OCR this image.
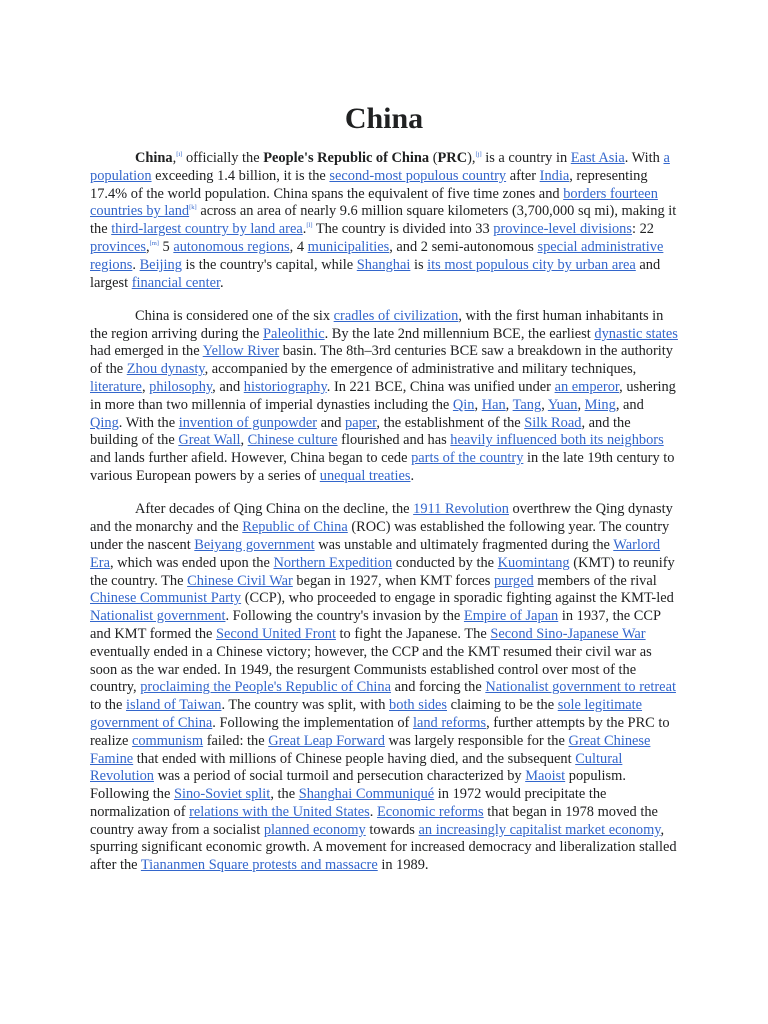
China

China,[i] officially the People's Republic of China (PRC),[j] is a country in East Asia. With a population exceeding 1.4 billion, it is the second-most populous country after India, representing 17.4% of the world population. China spans the equivalent of five time zones and borders fourteen countries by land[k] across an area of nearly 9.6 million square kilometers (3,700,000 sq mi), making it the third-largest country by land area.[l] The country is divided into 33 province-level divisions: 22 provinces,[m] 5 autonomous regions, 4 municipalities, and 2 semi-autonomous special administrative regions. Beijing is the country's capital, while Shanghai is its most populous city by urban area and largest financial center.

China is considered one of the six cradles of civilization, with the first human inhabitants in the region arriving during the Paleolithic. By the late 2nd millennium BCE, the earliest dynastic states had emerged in the Yellow River basin. The 8th–3rd centuries BCE saw a breakdown in the authority of the Zhou dynasty, accompanied by the emergence of administrative and military techniques, literature, philosophy, and historiography. In 221 BCE, China was unified under an emperor, ushering in more than two millennia of imperial dynasties including the Qin, Han, Tang, Yuan, Ming, and Qing. With the invention of gunpowder and paper, the establishment of the Silk Road, and the building of the Great Wall, Chinese culture flourished and has heavily influenced both its neighbors and lands further afield. However, China began to cede parts of the country in the late 19th century to various European powers by a series of unequal treaties.

After decades of Qing China on the decline, the 1911 Revolution overthrew the Qing dynasty and the monarchy and the Republic of China (ROC) was established the following year. The country under the nascent Beiyang government was unstable and ultimately fragmented during the Warlord Era, which was ended upon the Northern Expedition conducted by the Kuomintang (KMT) to reunify the country. The Chinese Civil War began in 1927, when KMT forces purged members of the rival Chinese Communist Party (CCP), who proceeded to engage in sporadic fighting against the KMT-led Nationalist government. Following the country's invasion by the Empire of Japan in 1937, the CCP and KMT formed the Second United Front to fight the Japanese. The Second Sino-Japanese War eventually ended in a Chinese victory; however, the CCP and the KMT resumed their civil war as soon as the war ended. In 1949, the resurgent Communists established control over most of the country, proclaiming the People's Republic of China and forcing the Nationalist government to retreat to the island of Taiwan. The country was split, with both sides claiming to be the sole legitimate government of China. Following the implementation of land reforms, further attempts by the PRC to realize communism failed: the Great Leap Forward was largely responsible for the Great Chinese Famine that ended with millions of Chinese people having died, and the subsequent Cultural Revolution was a period of social turmoil and persecution characterized by Maoist populism. Following the Sino-Soviet split, the Shanghai Communiqué in 1972 would precipitate the normalization of relations with the United States. Economic reforms that began in 1978 moved the country away from a socialist planned economy towards an increasingly capitalist market economy, spurring significant economic growth. A movement for increased democracy and liberalization stalled after the Tiananmen Square protests and massacre in 1989.
